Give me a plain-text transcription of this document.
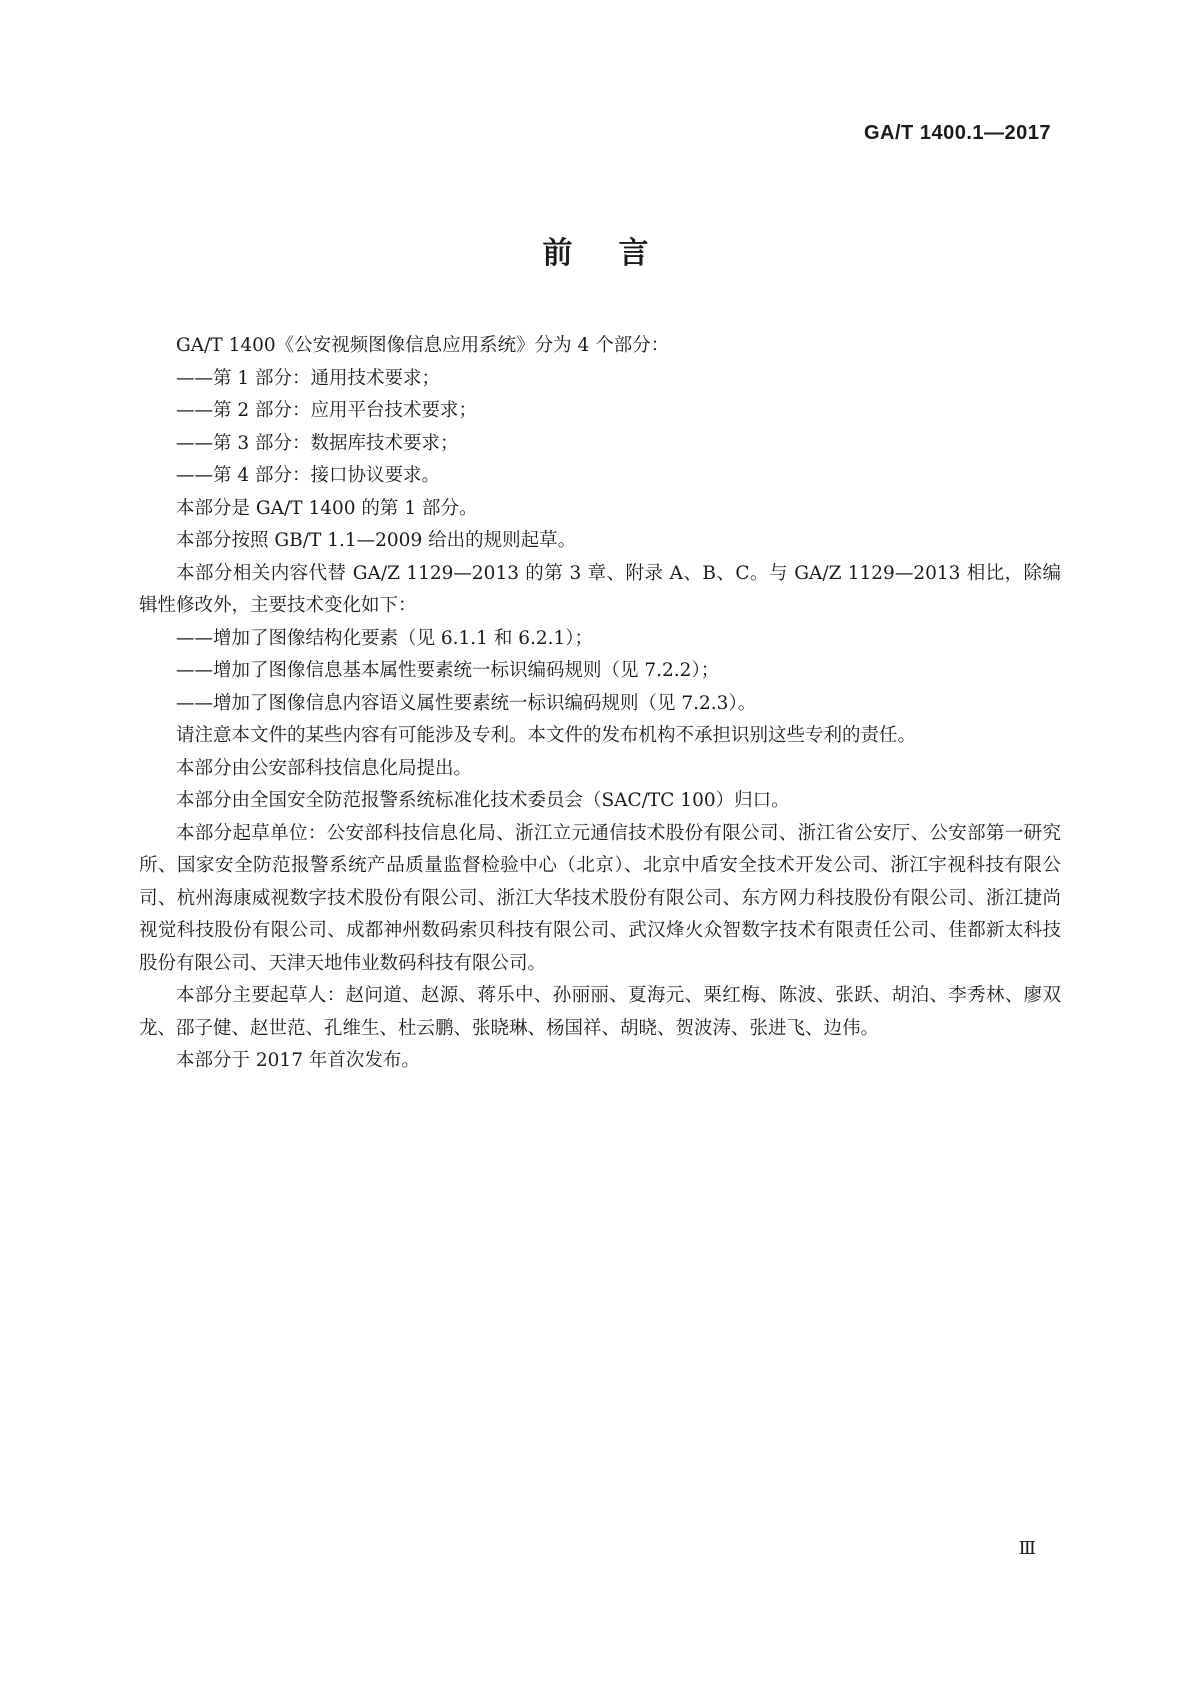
GA/T 1400.1—2017
前言

GA/T 1400《公安视频图像信息应用系统》分为 4 个部分：

——第 1 部分：通用技术要求；

——第 2 部分：应用平台技术要求；

——第 3 部分：数据库技术要求；

——第 4 部分：接口协议要求。

本部分是 GA/T 1400 的第 1 部分。

本部分按照 GB/T 1.1—2009 给出的规则起草。

本部分相关内容代替 GA/Z 1129—2013 的第 3 章、附录 A、B、C。与 GA/Z 1129—2013 相比，除编辑性修改外，主要技术变化如下：

——增加了图像结构化要素（见 6.1.1 和 6.2.1）；

——增加了图像信息基本属性要素统一标识编码规则（见 7.2.2）；

——增加了图像信息内容语义属性要素统一标识编码规则（见 7.2.3）。

请注意本文件的某些内容有可能涉及专利。本文件的发布机构不承担识别这些专利的责任。

本部分由公安部科技信息化局提出。

本部分由全国安全防范报警系统标准化技术委员会（SAC/TC 100）归口。

本部分起草单位：公安部科技信息化局、浙江立元通信技术股份有限公司、浙江省公安厅、公安部第一研究所、国家安全防范报警系统产品质量监督检验中心（北京）、北京中盾安全技术开发公司、浙江宇视科技有限公司、杭州海康威视数字技术股份有限公司、浙江大华技术股份有限公司、东方网力科技股份有限公司、浙江捷尚视觉科技股份有限公司、成都神州数码索贝科技有限公司、武汉烽火众智数字技术有限责任公司、佳都新太科技股份有限公司、天津天地伟业数码科技有限公司。

本部分主要起草人：赵问道、赵源、蒋乐中、孙丽丽、夏海元、栗红梅、陈波、张跃、胡泊、李秀林、廖双龙、邵子健、赵世范、孔维生、杜云鹏、张晓琳、杨国祥、胡晓、贺波涛、张进飞、边伟。

本部分于 2017 年首次发布。

Ⅲ
